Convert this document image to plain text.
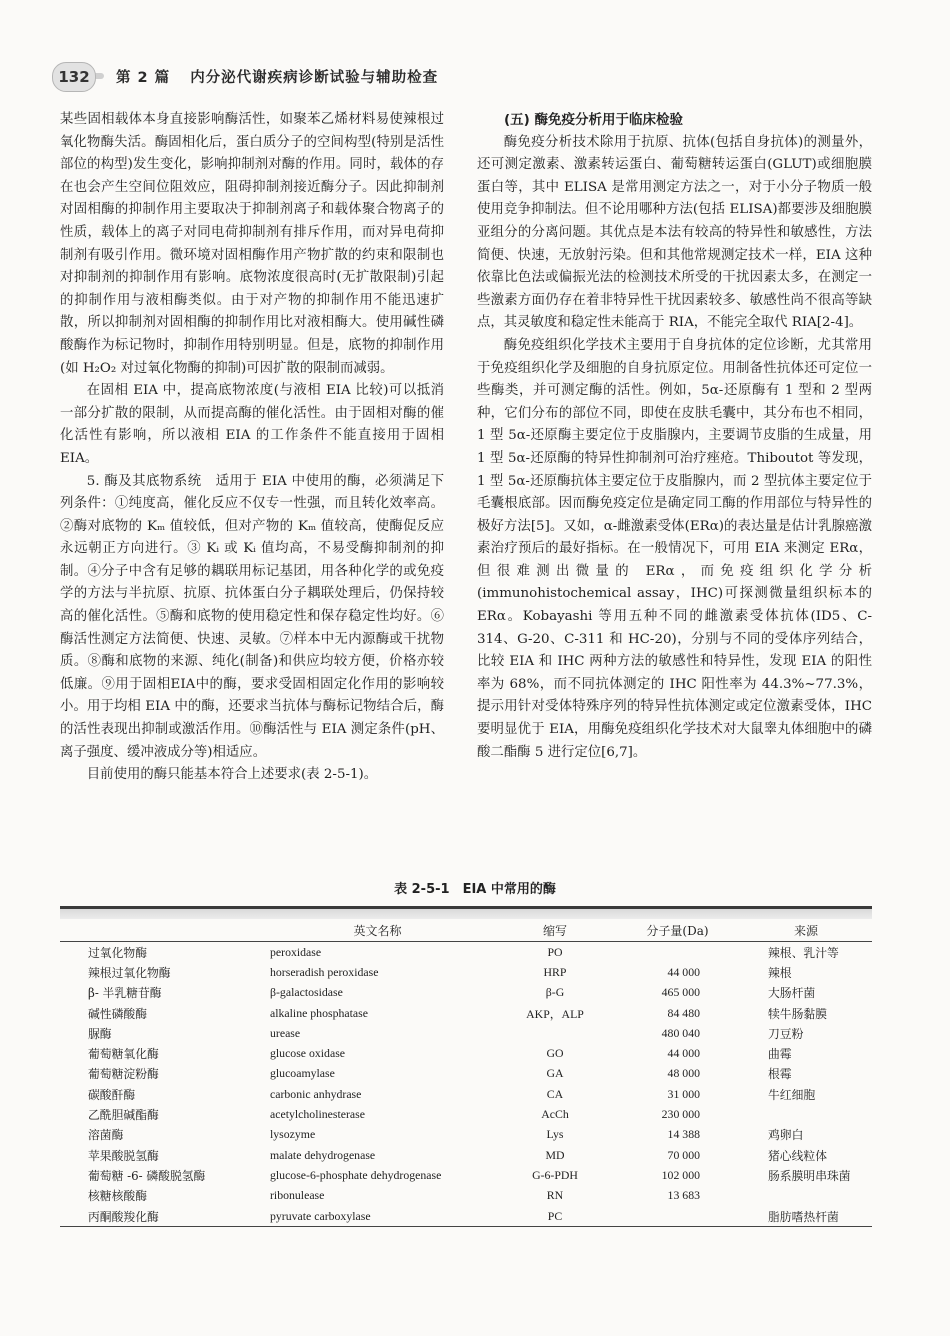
132	第 2 篇 内分泌代谢疾病诊断试验与辅助检查

某些固相载体本身直接影响酶活性，如聚苯乙烯材料易使辣根过氧化物酶失活。酶固相化后，蛋白质分子的空间构型(特别是活性部位的构型)发生变化，影响抑制剂对酶的作用。同时，载体的存在也会产生空间位阻效应，阻碍抑制剂接近酶分子。因此抑制剂对固相酶的抑制作用主要取决于抑制剂离子和载体聚合物离子的性质，载体上的离子对同电荷抑制剂有排斥作用，而对异电荷抑制剂有吸引作用。微环境对固相酶作用产物扩散的约束和限制也对抑制剂的抑制作用有影响。底物浓度很高时(无扩散限制)引起的抑制作用与液相酶类似。由于对产物的抑制作用不能迅速扩散，所以抑制剂对固相酶的抑制作用比对液相酶大。使用碱性磷酸酶作为标记物时，抑制作用特别明显。但是，底物的抑制作用(如 H₂O₂ 对过氧化物酶的抑制)可因扩散的限制而减弱。

在固相 EIA 中，提高底物浓度(与液相 EIA 比较)可以抵消一部分扩散的限制，从而提高酶的催化活性。由于固相对酶的催化活性有影响，所以液相 EIA 的工作条件不能直接用于固相 EIA。

5. 酶及其底物系统　适用于 EIA 中使用的酶，必须满足下列条件：①纯度高，催化反应不仅专一性强，而且转化效率高。②酶对底物的 Kₘ 值较低，但对产物的 Kₘ 值较高，使酶促反应永远朝正方向进行。③ Kᵢ 或 Kᵢ 值均高，不易受酶抑制剂的抑制。④分子中含有足够的耦联用标记基团，用各种化学的或免疫学的方法与半抗原、抗原、抗体蛋白分子耦联处理后，仍保持较高的催化活性。⑤酶和底物的使用稳定性和保存稳定性均好。⑥酶活性测定方法简便、快速、灵敏。⑦样本中无内源酶或干扰物质。⑧酶和底物的来源、纯化(制备)和供应均较方便，价格亦较低廉。⑨用于固相EIA中的酶，要求受固相固定化作用的影响较小。用于均相 EIA 中的酶，还要求当抗体与酶标记物结合后，酶的活性表现出抑制或激活作用。⑩酶活性与 EIA 测定条件(pH、离子强度、缓冲液成分等)相适应。

目前使用的酶只能基本符合上述要求(表 2-5-1)。

(五) 酶免疫分析用于临床检验

酶免疫分析技术除用于抗原、抗体(包括自身抗体)的测量外，还可测定激素、激素转运蛋白、葡萄糖转运蛋白(GLUT)或细胞膜蛋白等，其中 ELISA 是常用测定方法之一，对于小分子物质一般使用竞争抑制法。但不论用哪种方法(包括 ELISA)都要涉及细胞膜亚组分的分离问题。其优点是本法有较高的特异性和敏感性，方法简便、快速，无放射污染。但和其他常规测定技术一样，EIA 这种依靠比色法或偏振光法的检测技术所受的干扰因素太多，在测定一些激素方面仍存在着非特异性干扰因素较多、敏感性尚不很高等缺点，其灵敏度和稳定性未能高于 RIA，不能完全取代 RIA[2-4]。

酶免疫组织化学技术主要用于自身抗体的定位诊断，尤其常用于免疫组织化学及细胞的自身抗原定位。用制备性抗体还可定位一些酶类，并可测定酶的活性。例如，5α-还原酶有 1 型和 2 型两种，它们分布的部位不同，即使在皮肤毛囊中，其分布也不相同，1 型 5α-还原酶主要定位于皮脂腺内，主要调节皮脂的生成量，用 1 型 5α-还原酶的特异性抑制剂可治疗痤疮。Thiboutot 等发现，1 型 5α-还原酶抗体主要定位于皮脂腺内，而 2 型抗体主要定位于毛囊根底部。因而酶免疫定位是确定同工酶的作用部位与特异性的极好方法[5]。又如，α-雌激素受体(ERα)的表达量是估计乳腺癌激素治疗预后的最好指标。在一般情况下，可用 EIA 来测定 ERα，但很难测出微量的 ERα，而免疫组织化学分析(immunohistochemical assay，IHC)可探测微量组织标本的 ERα。Kobayashi 等用五种不同的雌激素受体抗体(ID5、C-314、G-20、C-311 和 HC-20)，分别与不同的受体序列结合，比较 EIA 和 IHC 两种方法的敏感性和特异性，发现 EIA 的阳性率为 68%，而不同抗体测定的 IHC 阳性率为 44.3%~77.3%，提示用针对受体特殊序列的特异性抗体测定或定位激素受体，IHC 要明显优于 EIA，用酶免疫组织化学技术对大鼠睾丸体细胞中的磷酸二酯酶 5 进行定位[6,7]。

表 2-5-1　EIA 中常用的酶
	英文名称	缩写	分子量(Da)	来源
过氧化物酶	peroxidase	PO		辣根、乳汁等
辣根过氧化物酶	horseradish peroxidase	HRP	44 000	辣根
β- 半乳糖苷酶	β-galactosidase	β-G	465 000	大肠杆菌
碱性磷酸酶	alkaline phosphatase	AKP，ALP	84 480	犊牛肠黏膜
脲酶	urease		480 040	刀豆粉
葡萄糖氧化酶	glucose oxidase	GO	44 000	曲霉
葡萄糖淀粉酶	glucoamylase	GA	48 000	根霉
碳酸酐酶	carbonic anhydrase	CA	31 000	牛红细胞
乙酰胆碱酯酶	acetylcholinesterase	AcCh	230 000	
溶菌酶	lysozyme	Lys	14 388	鸡卵白
苹果酸脱氢酶	malate dehydrogenase	MD	70 000	猪心线粒体
葡萄糖 -6- 磷酸脱氢酶	glucose-6-phosphate dehydrogenase	G-6-PDH	102 000	肠系膜明串珠菌
核糖核酸酶	ribonulease	RN	13 683	
丙酮酸羧化酶	pyruvate carboxylase	PC		脂肪嗜热杆菌
